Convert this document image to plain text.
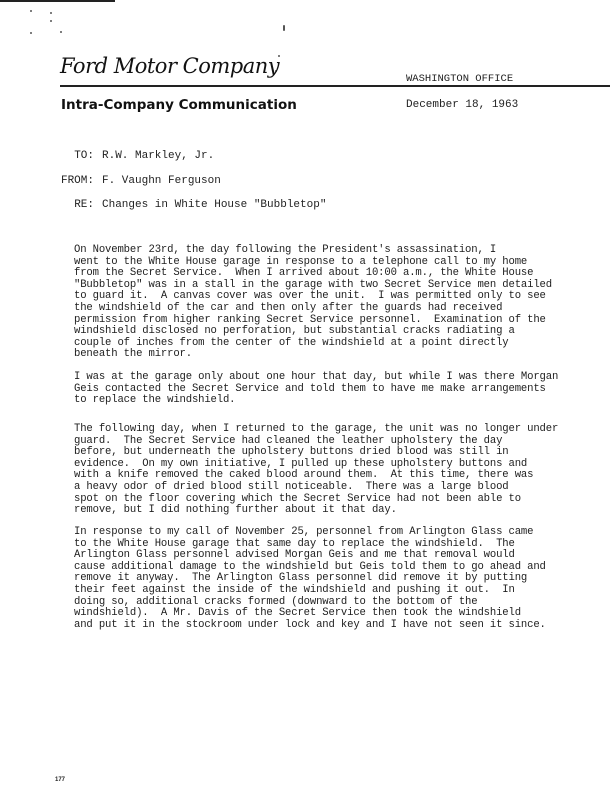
Ford Motor Company
WASHINGTON OFFICE
Intra-Company Communication	December 18, 1963
TO: R.W. Markley, Jr.
FROM: F. Vaughn Ferguson
RE: Changes in White House "Bubbletop"
On November 23rd, the day following the President's assassination, I
went to the White House garage in response to a telephone call to my home
from the Secret Service.  When I arrived about 10:00 a.m., the White House
"Bubbletop" was in a stall in the garage with two Secret Service men detailed
to guard it.  A canvas cover was over the unit.  I was permitted only to see
the windshield of the car and then only after the guards had received
permission from higher ranking Secret Service personnel.  Examination of the
windshield disclosed no perforation, but substantial cracks radiating a
couple of inches from the center of the windshield at a point directly
beneath the mirror.
I was at the garage only about one hour that day, but while I was there Morgan
Geis contacted the Secret Service and told them to have me make arrangements
to replace the windshield.
The following day, when I returned to the garage, the unit was no longer under
guard.  The Secret Service had cleaned the leather upholstery the day
before, but underneath the upholstery buttons dried blood was still in
evidence.  On my own initiative, I pulled up these upholstery buttons and
with a knife removed the caked blood around them.  At this time, there was
a heavy odor of dried blood still noticeable.  There was a large blood
spot on the floor covering which the Secret Service had not been able to
remove, but I did nothing further about it that day.
In response to my call of November 25, personnel from Arlington Glass came
to the White House garage that same day to replace the windshield.  The
Arlington Glass personnel advised Morgan Geis and me that removal would
cause additional damage to the windshield but Geis told them to go ahead and
remove it anyway.  The Arlington Glass personnel did remove it by putting
their feet against the inside of the windshield and pushing it out.  In
doing so, additional cracks formed (downward to the bottom of the
windshield).  A Mr. Davis of the Secret Service then took the windshield
and put it in the stockroom under lock and key and I have not seen it since.
177
